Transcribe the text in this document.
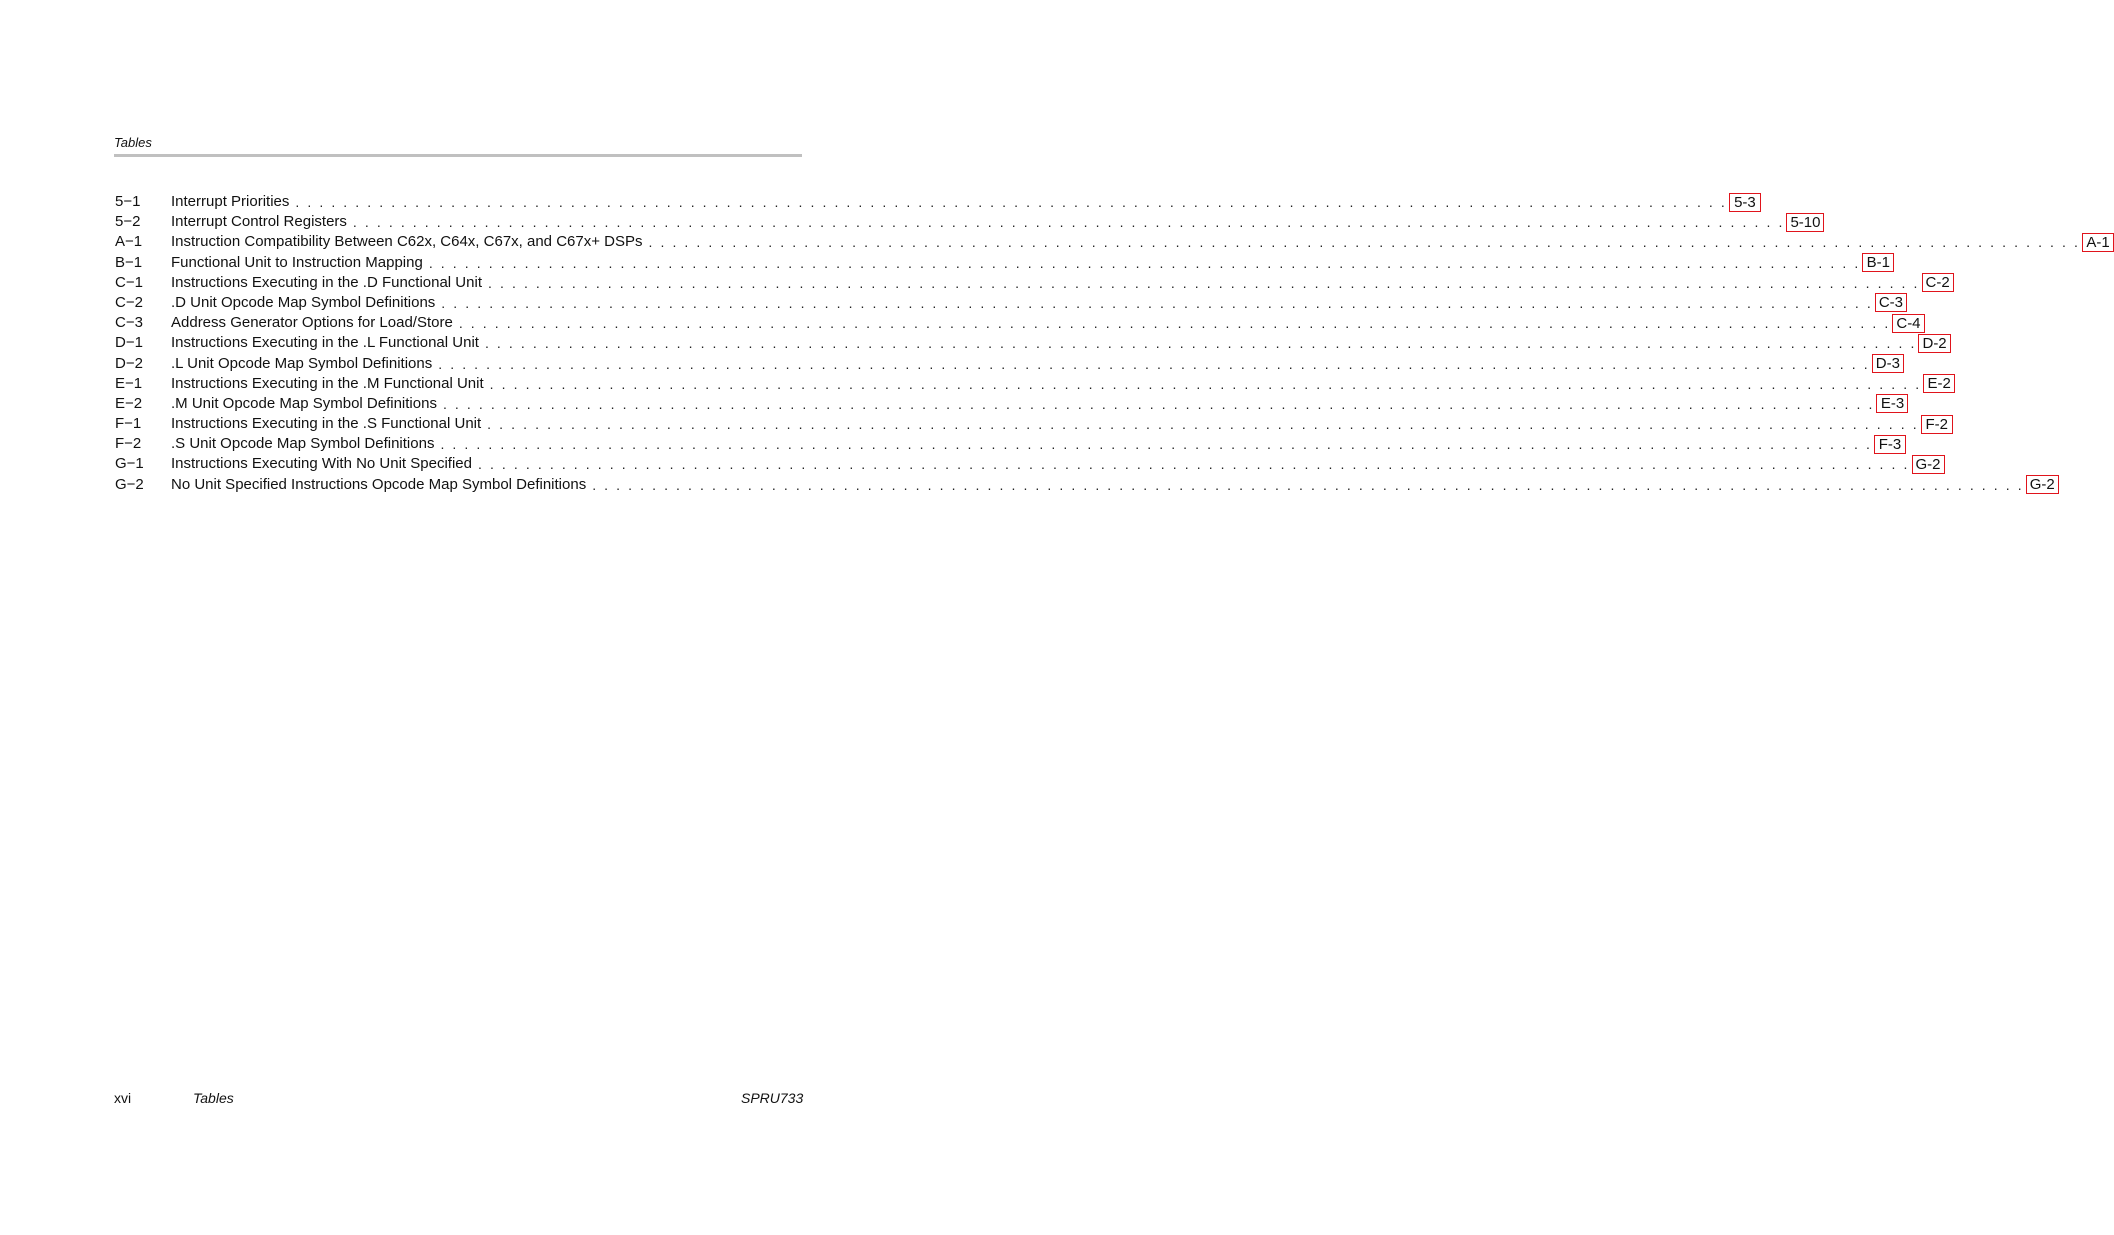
Tables
5−1 Interrupt Priorities . . . . . . . . . . . . . . . . . . . . . . . . . . . . . . . . . . . . . . . . . . . . . . . . . . . . . . . . . . . . . . . . . . . . . . . . . . . . . . . . . . . . . . . . . . . . . . . . . . . . . . . . . . . . . . . . . . . . . . . . 5-3
5−2 Interrupt Control Registers . . . . . . . . . . . . . . . . . . . . . . . . . . . . . . . . . . . . . . . . . . . . . . . . . . . . . . . . . . . . . . . . . . . . . . . . . . . . . . . . . . . . . . . . . . . . . . . . . . . . . . . . . . . . . . . . . . . . . . . . 5-10
A−1 Instruction Compatibility Between C62x, C64x, C67x, and C67x+ DSPs . . . . . . . . . . . . . . . . . . . . . . . . . . . . . . . . . . . . . . . . . . . . . . . . . . . . . . . . . . . . . . . . . . . . . . . . . . . . . . . . . . . . . . . . . . . . . . . . . . . . . . . . . . . . . . . . . . . . . . . . A-1
B−1 Functional Unit to Instruction Mapping . . . . . . . . . . . . . . . . . . . . . . . . . . . . . . . . . . . . . . . . . . . . . . . . . . . . . . . . . . . . . . . . . . . . . . . . . . . . . . . . . . . . . . . . . . . . . . . . . . . . . . . . . . . . . . . . . . . . . . . . B-1
C−1 Instructions Executing in the .D Functional Unit . . . . . . . . . . . . . . . . . . . . . . . . . . . . . . . . . . . . . . . . . . . . . . . . . . . . . . . . . . . . . . . . . . . . . . . . . . . . . . . . . . . . . . . . . . . . . . . . . . . . . . . . . . . . . . . . . . . . . . . . C-2
C−2 .D Unit Opcode Map Symbol Definitions . . . . . . . . . . . . . . . . . . . . . . . . . . . . . . . . . . . . . . . . . . . . . . . . . . . . . . . . . . . . . . . . . . . . . . . . . . . . . . . . . . . . . . . . . . . . . . . . . . . . . . . . . . . . . . . . . . . . . . . . C-3
C−3 Address Generator Options for Load/Store . . . . . . . . . . . . . . . . . . . . . . . . . . . . . . . . . . . . . . . . . . . . . . . . . . . . . . . . . . . . . . . . . . . . . . . . . . . . . . . . . . . . . . . . . . . . . . . . . . . . . . . . . . . . . . . . . . . . . . . . C-4
D−1 Instructions Executing in the .L Functional Unit . . . . . . . . . . . . . . . . . . . . . . . . . . . . . . . . . . . . . . . . . . . . . . . . . . . . . . . . . . . . . . . . . . . . . . . . . . . . . . . . . . . . . . . . . . . . . . . . . . . . . . . . . . . . . . . . . . . . . . . . D-2
D−2 .L Unit Opcode Map Symbol Definitions . . . . . . . . . . . . . . . . . . . . . . . . . . . . . . . . . . . . . . . . . . . . . . . . . . . . . . . . . . . . . . . . . . . . . . . . . . . . . . . . . . . . . . . . . . . . . . . . . . . . . . . . . . . . . . . . . . . . . . . . D-3
E−1 Instructions Executing in the .M Functional Unit . . . . . . . . . . . . . . . . . . . . . . . . . . . . . . . . . . . . . . . . . . . . . . . . . . . . . . . . . . . . . . . . . . . . . . . . . . . . . . . . . . . . . . . . . . . . . . . . . . . . . . . . . . . . . . . . . . . . . . . . E-2
E−2 .M Unit Opcode Map Symbol Definitions . . . . . . . . . . . . . . . . . . . . . . . . . . . . . . . . . . . . . . . . . . . . . . . . . . . . . . . . . . . . . . . . . . . . . . . . . . . . . . . . . . . . . . . . . . . . . . . . . . . . . . . . . . . . . . . . . . . . . . . . E-3
F−1 Instructions Executing in the .S Functional Unit . . . . . . . . . . . . . . . . . . . . . . . . . . . . . . . . . . . . . . . . . . . . . . . . . . . . . . . . . . . . . . . . . . . . . . . . . . . . . . . . . . . . . . . . . . . . . . . . . . . . . . . . . . . . . . . . . . . . . . . . F-2
F−2 .S Unit Opcode Map Symbol Definitions . . . . . . . . . . . . . . . . . . . . . . . . . . . . . . . . . . . . . . . . . . . . . . . . . . . . . . . . . . . . . . . . . . . . . . . . . . . . . . . . . . . . . . . . . . . . . . . . . . . . . . . . . . . . . . . . . . . . . . . . F-3
G−1 Instructions Executing With No Unit Specified . . . . . . . . . . . . . . . . . . . . . . . . . . . . . . . . . . . . . . . . . . . . . . . . . . . . . . . . . . . . . . . . . . . . . . . . . . . . . . . . . . . . . . . . . . . . . . . . . . . . . . . . . . . . . . . . . . . . . . . . G-2
G−2 No Unit Specified Instructions Opcode Map Symbol Definitions . . . . . . . . . . . . . . . . . . . . . . . . . . . . . . . . . . . . . . . . . . . . . . . . . . . . . . . . . . . . . . . . . . . . . . . . . . . . . . . . . . . . . . . . . . . . . . . . . . . . . . . . . . . . . . . . . . . . . . . . G-2
xvi	Tables	SPRU733
